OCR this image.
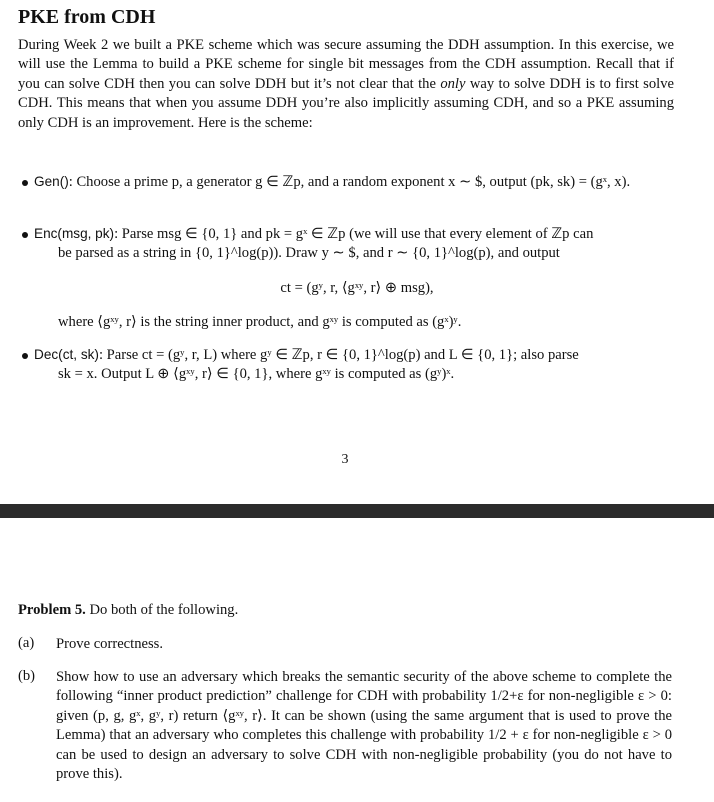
PKE from CDH

During Week 2 we built a PKE scheme which was secure assuming the DDH assumption. In this exercise, we will use the Lemma to build a PKE scheme for single bit messages from the CDH assumption. Recall that if you can solve CDH then you can solve DDH but it’s not clear that the only way to solve DDH is to first solve CDH. This means that when you assume DDH you’re also implicitly assuming CDH, and so a PKE assuming only CDH is an improvement. Here is the scheme:

Gen(): Choose a prime p, a generator g ∈ ℤp, and a random exponent x ∼ $, output (pk, sk) = (gˣ, x).

Enc(msg, pk): Parse msg ∈ {0, 1} and pk = gˣ ∈ ℤp (we will use that every element of ℤp can
be parsed as a string in {0, 1}^log(p)). Draw y ∼ $, and r ∼ {0, 1}^log(p), and output

ct = (gʸ, r, ⟨gˣʸ, r⟩ ⊕ msg),

where ⟨gˣʸ, r⟩ is the string inner product, and gˣʸ is computed as (gˣ)ʸ.

Dec(ct, sk): Parse ct = (gʸ, r, L) where gʸ ∈ ℤp, r ∈ {0, 1}^log(p) and L ∈ {0, 1}; also parse
sk = x. Output L ⊕ ⟨gˣʸ, r⟩ ∈ {0, 1}, where gˣʸ is computed as (gʸ)ˣ.

3

Problem 5. Do both of the following.

(a) Prove correctness.

(b) Show how to use an adversary which breaks the semantic security of the above scheme to complete the following “inner product prediction” challenge for CDH with probability 1/2+ε for non-negligible ε > 0: given (p, g, gˣ, gʸ, r) return ⟨gˣʸ, r⟩. It can be shown (using the same argument that is used to prove the Lemma) that an adversary who completes this challenge with probability 1/2 + ε for non-negligible ε > 0 can be used to design an adversary to solve CDH with non-negligible probability (you do not have to prove this).
